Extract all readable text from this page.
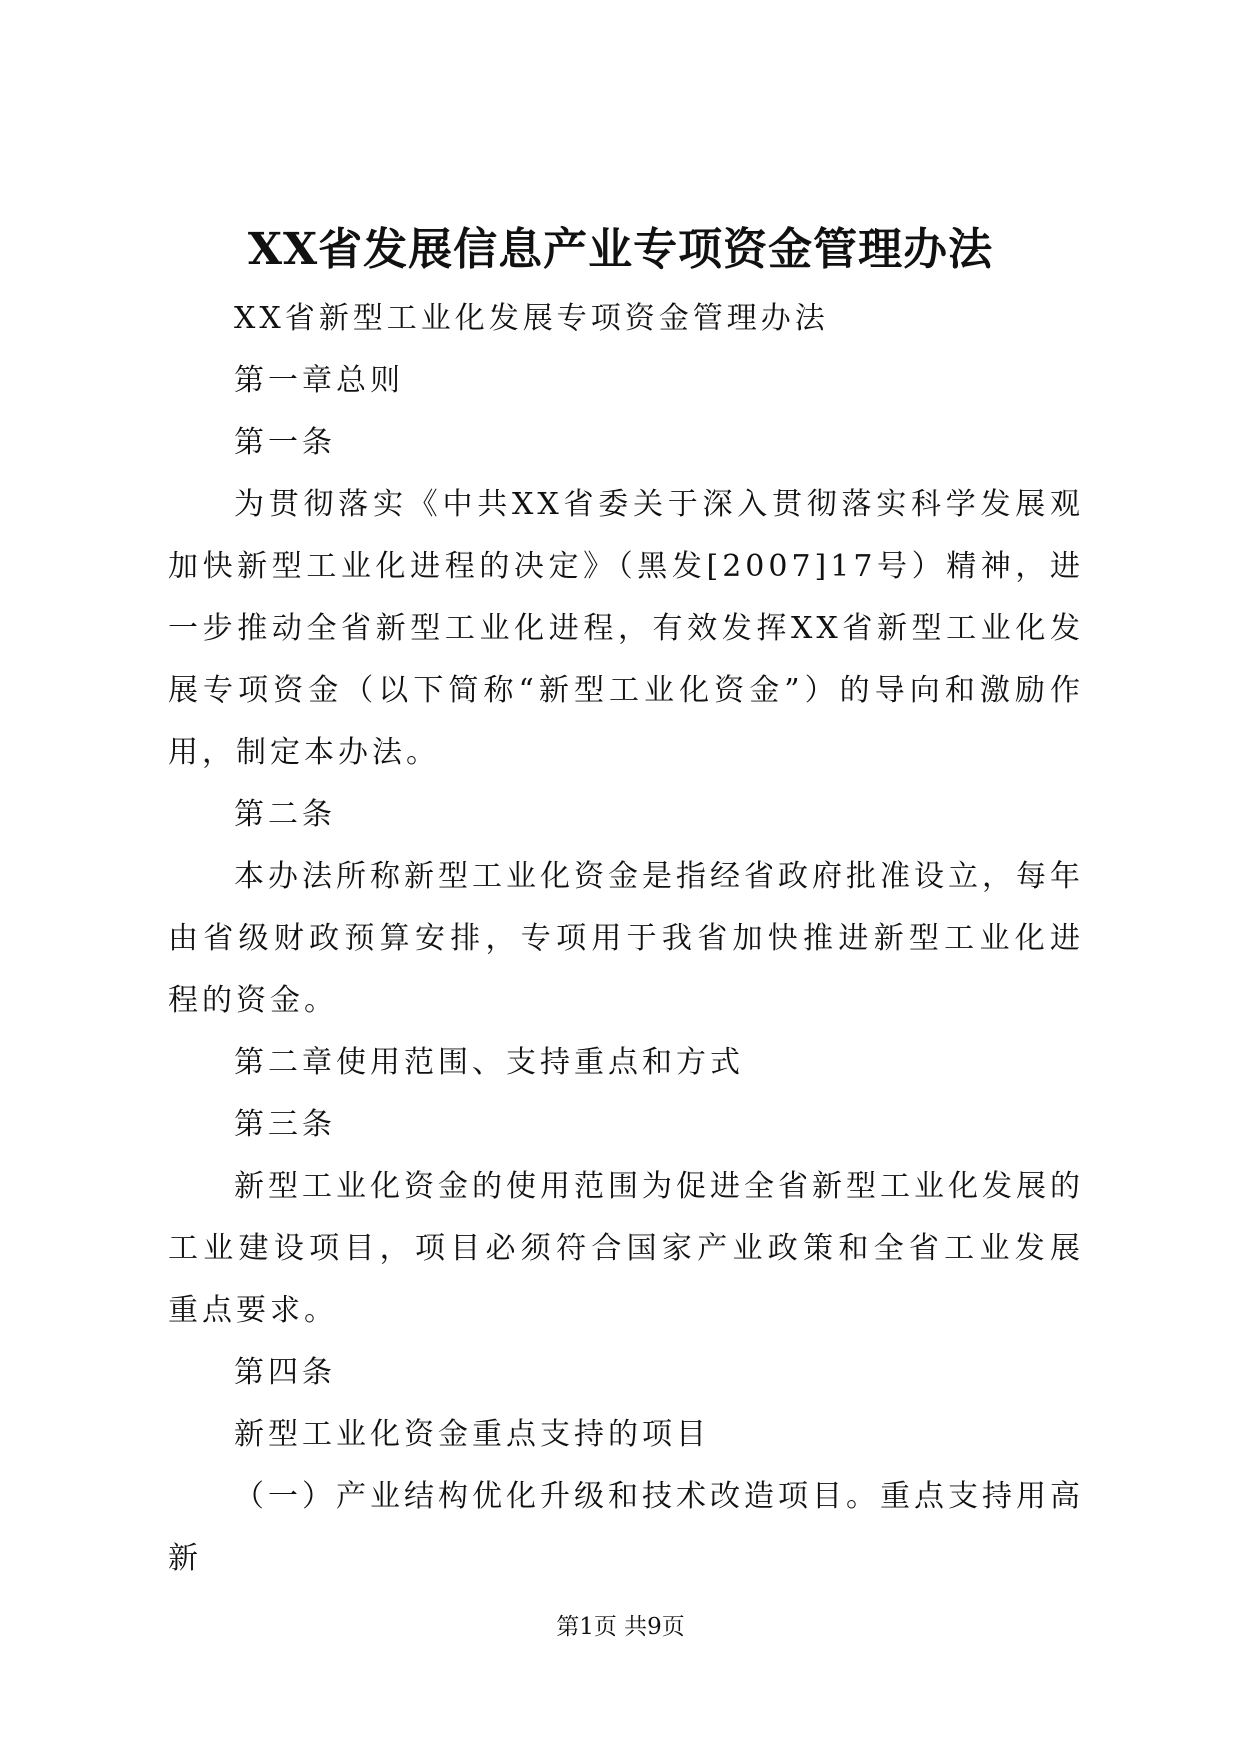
XX省发展信息产业专项资金管理办法

XX省新型工业化发展专项资金管理办法

第一章总则

第一条

为贯彻落实《中共XX省委关于深入贯彻落实科学发展观加快新型工业化进程的决定》（黑发[2007]17号）精神，进一步推动全省新型工业化进程，有效发挥XX省新型工业化发展专项资金（以下简称“新型工业化资金”）的导向和激励作用，制定本办法。

第二条

本办法所称新型工业化资金是指经省政府批准设立，每年由省级财政预算安排，专项用于我省加快推进新型工业化进程的资金。

第二章使用范围、支持重点和方式

第三条

新型工业化资金的使用范围为促进全省新型工业化发展的工业建设项目，项目必须符合国家产业政策和全省工业发展重点要求。

第四条

新型工业化资金重点支持的项目

（一）产业结构优化升级和技术改造项目。重点支持用高新

第1页 共9页
